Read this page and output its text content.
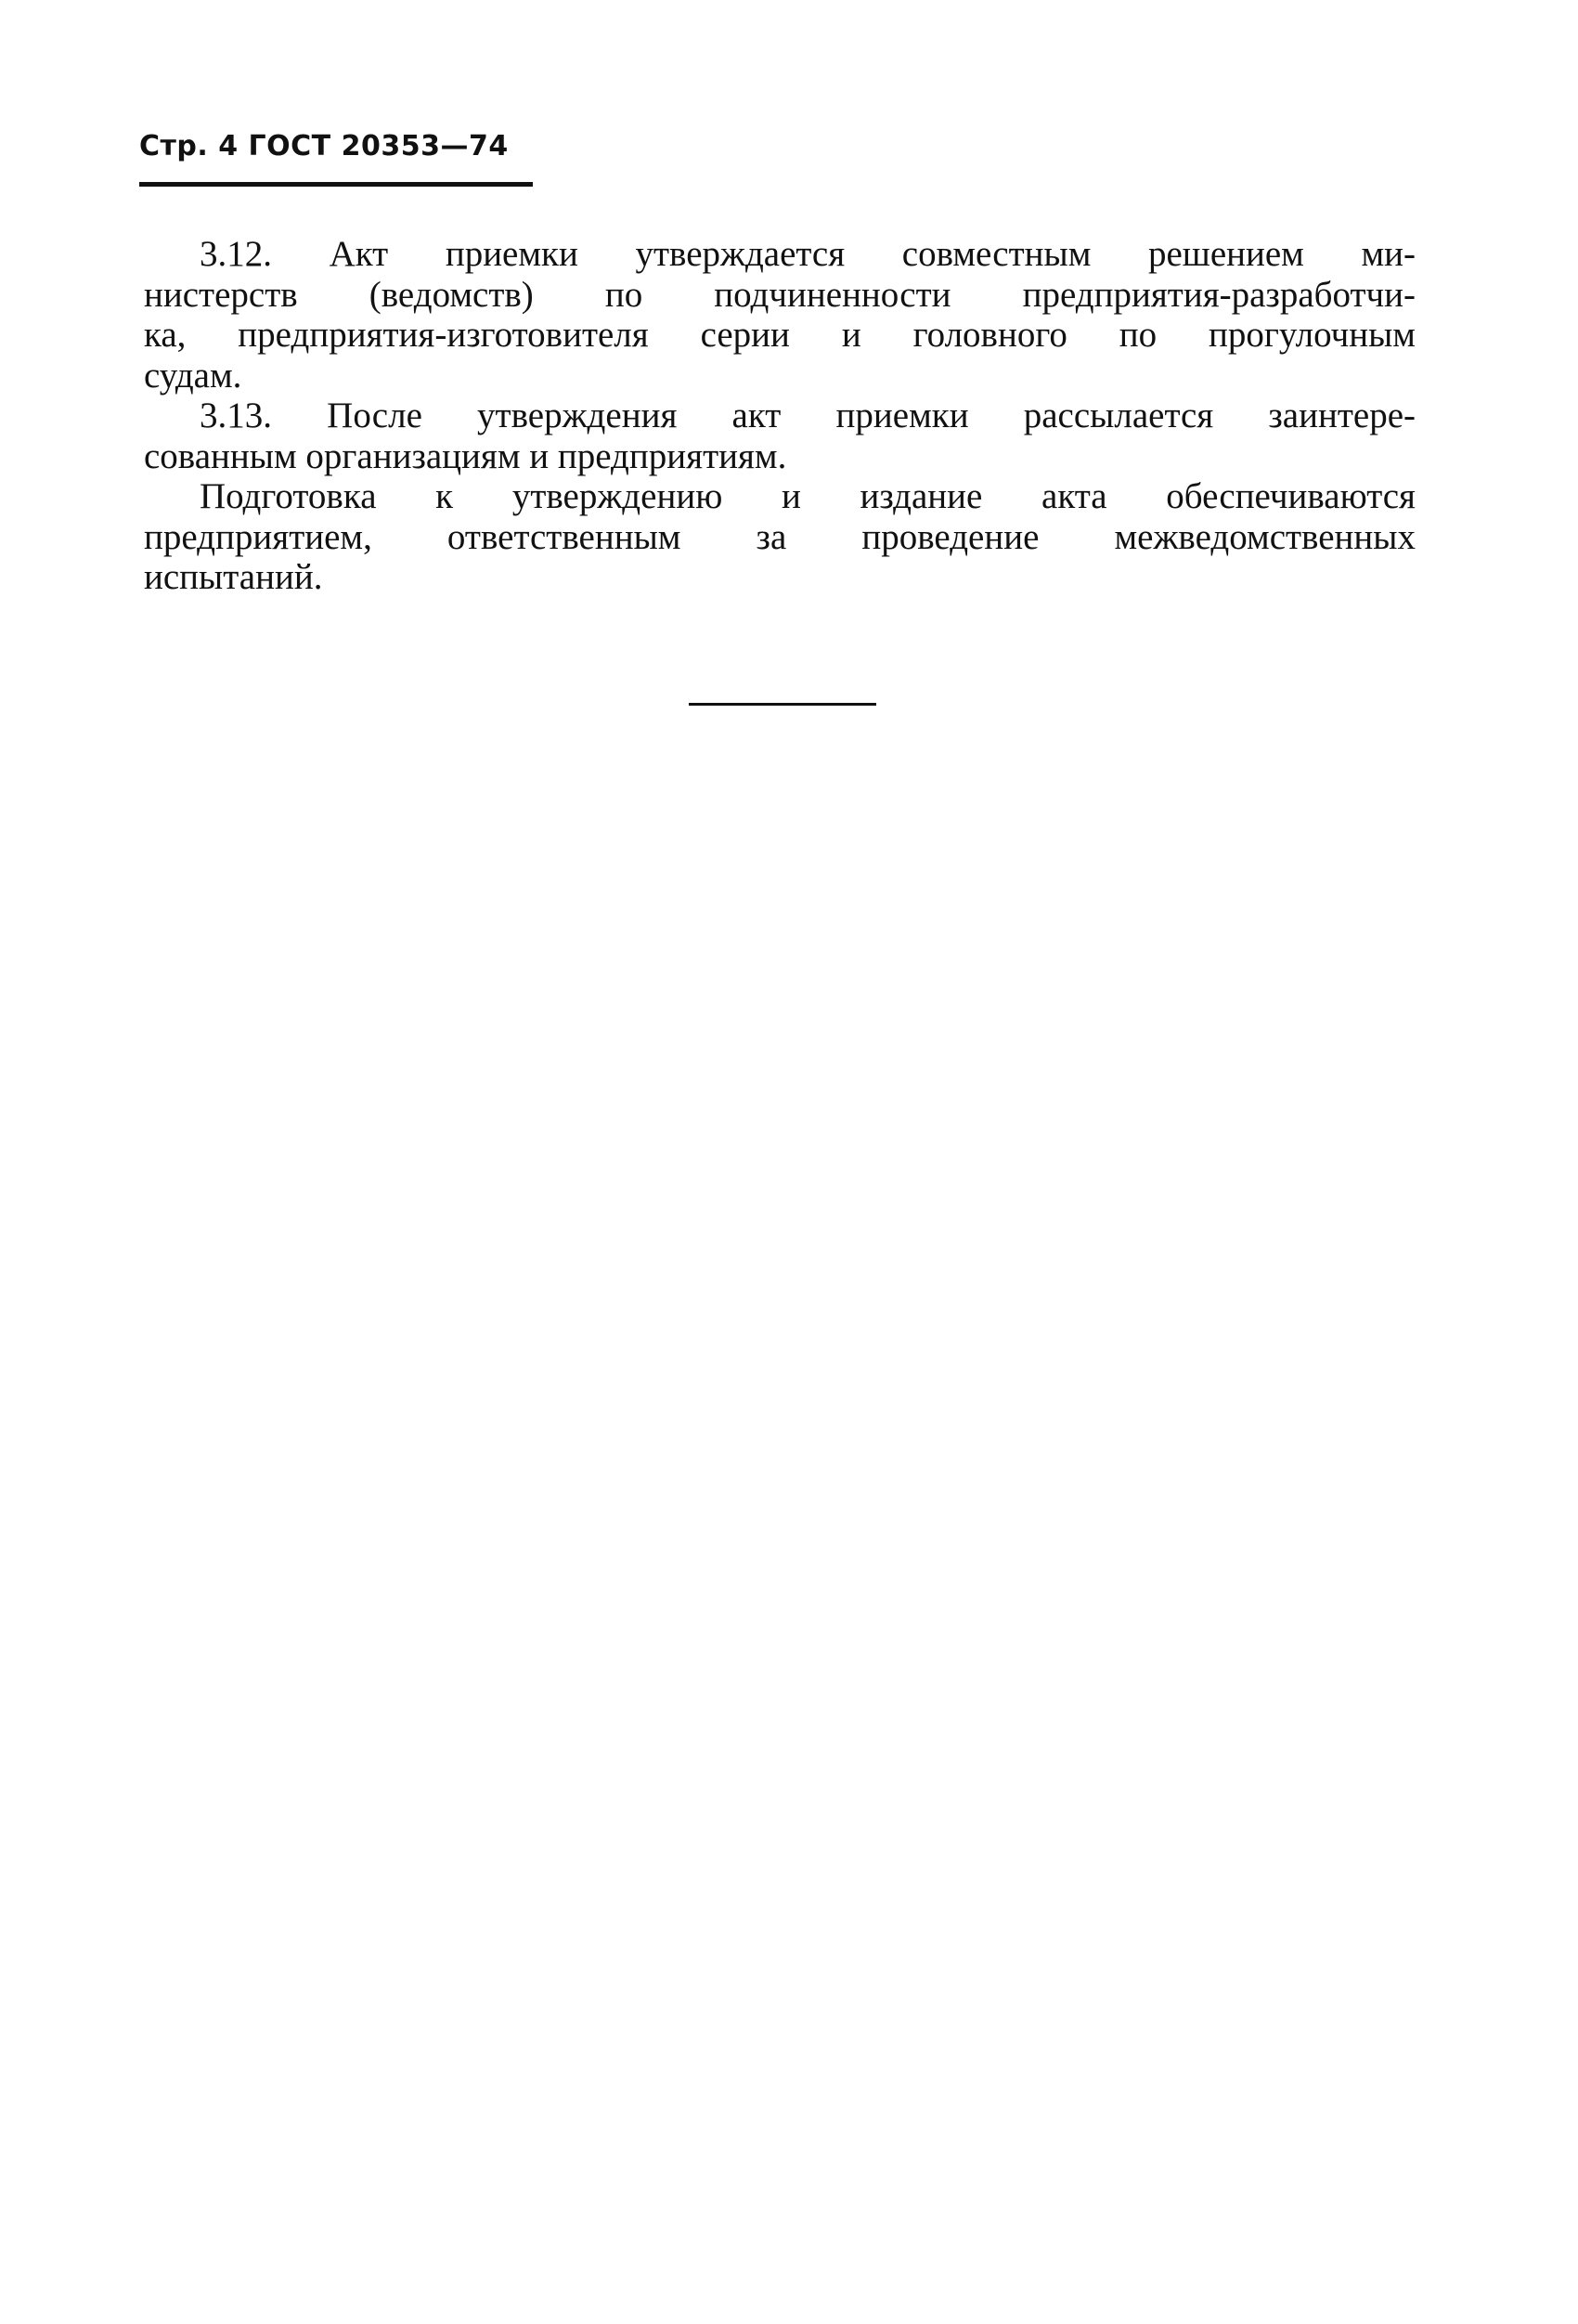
Стр. 4 ГОСТ 20353—74
3.12. Акт приемки утверждается совместным решением ми-
нистерств (ведомств) по подчиненности предприятия-разработчи-
ка, предприятия-изготовителя серии и головного по прогулочным
судам.
3.13. После утверждения акт приемки рассылается заинтере-
сованным организациям и предприятиям.
Подготовка к утверждению и издание акта обеспечиваются
предприятием, ответственным за проведение межведомственных
испытаний.
